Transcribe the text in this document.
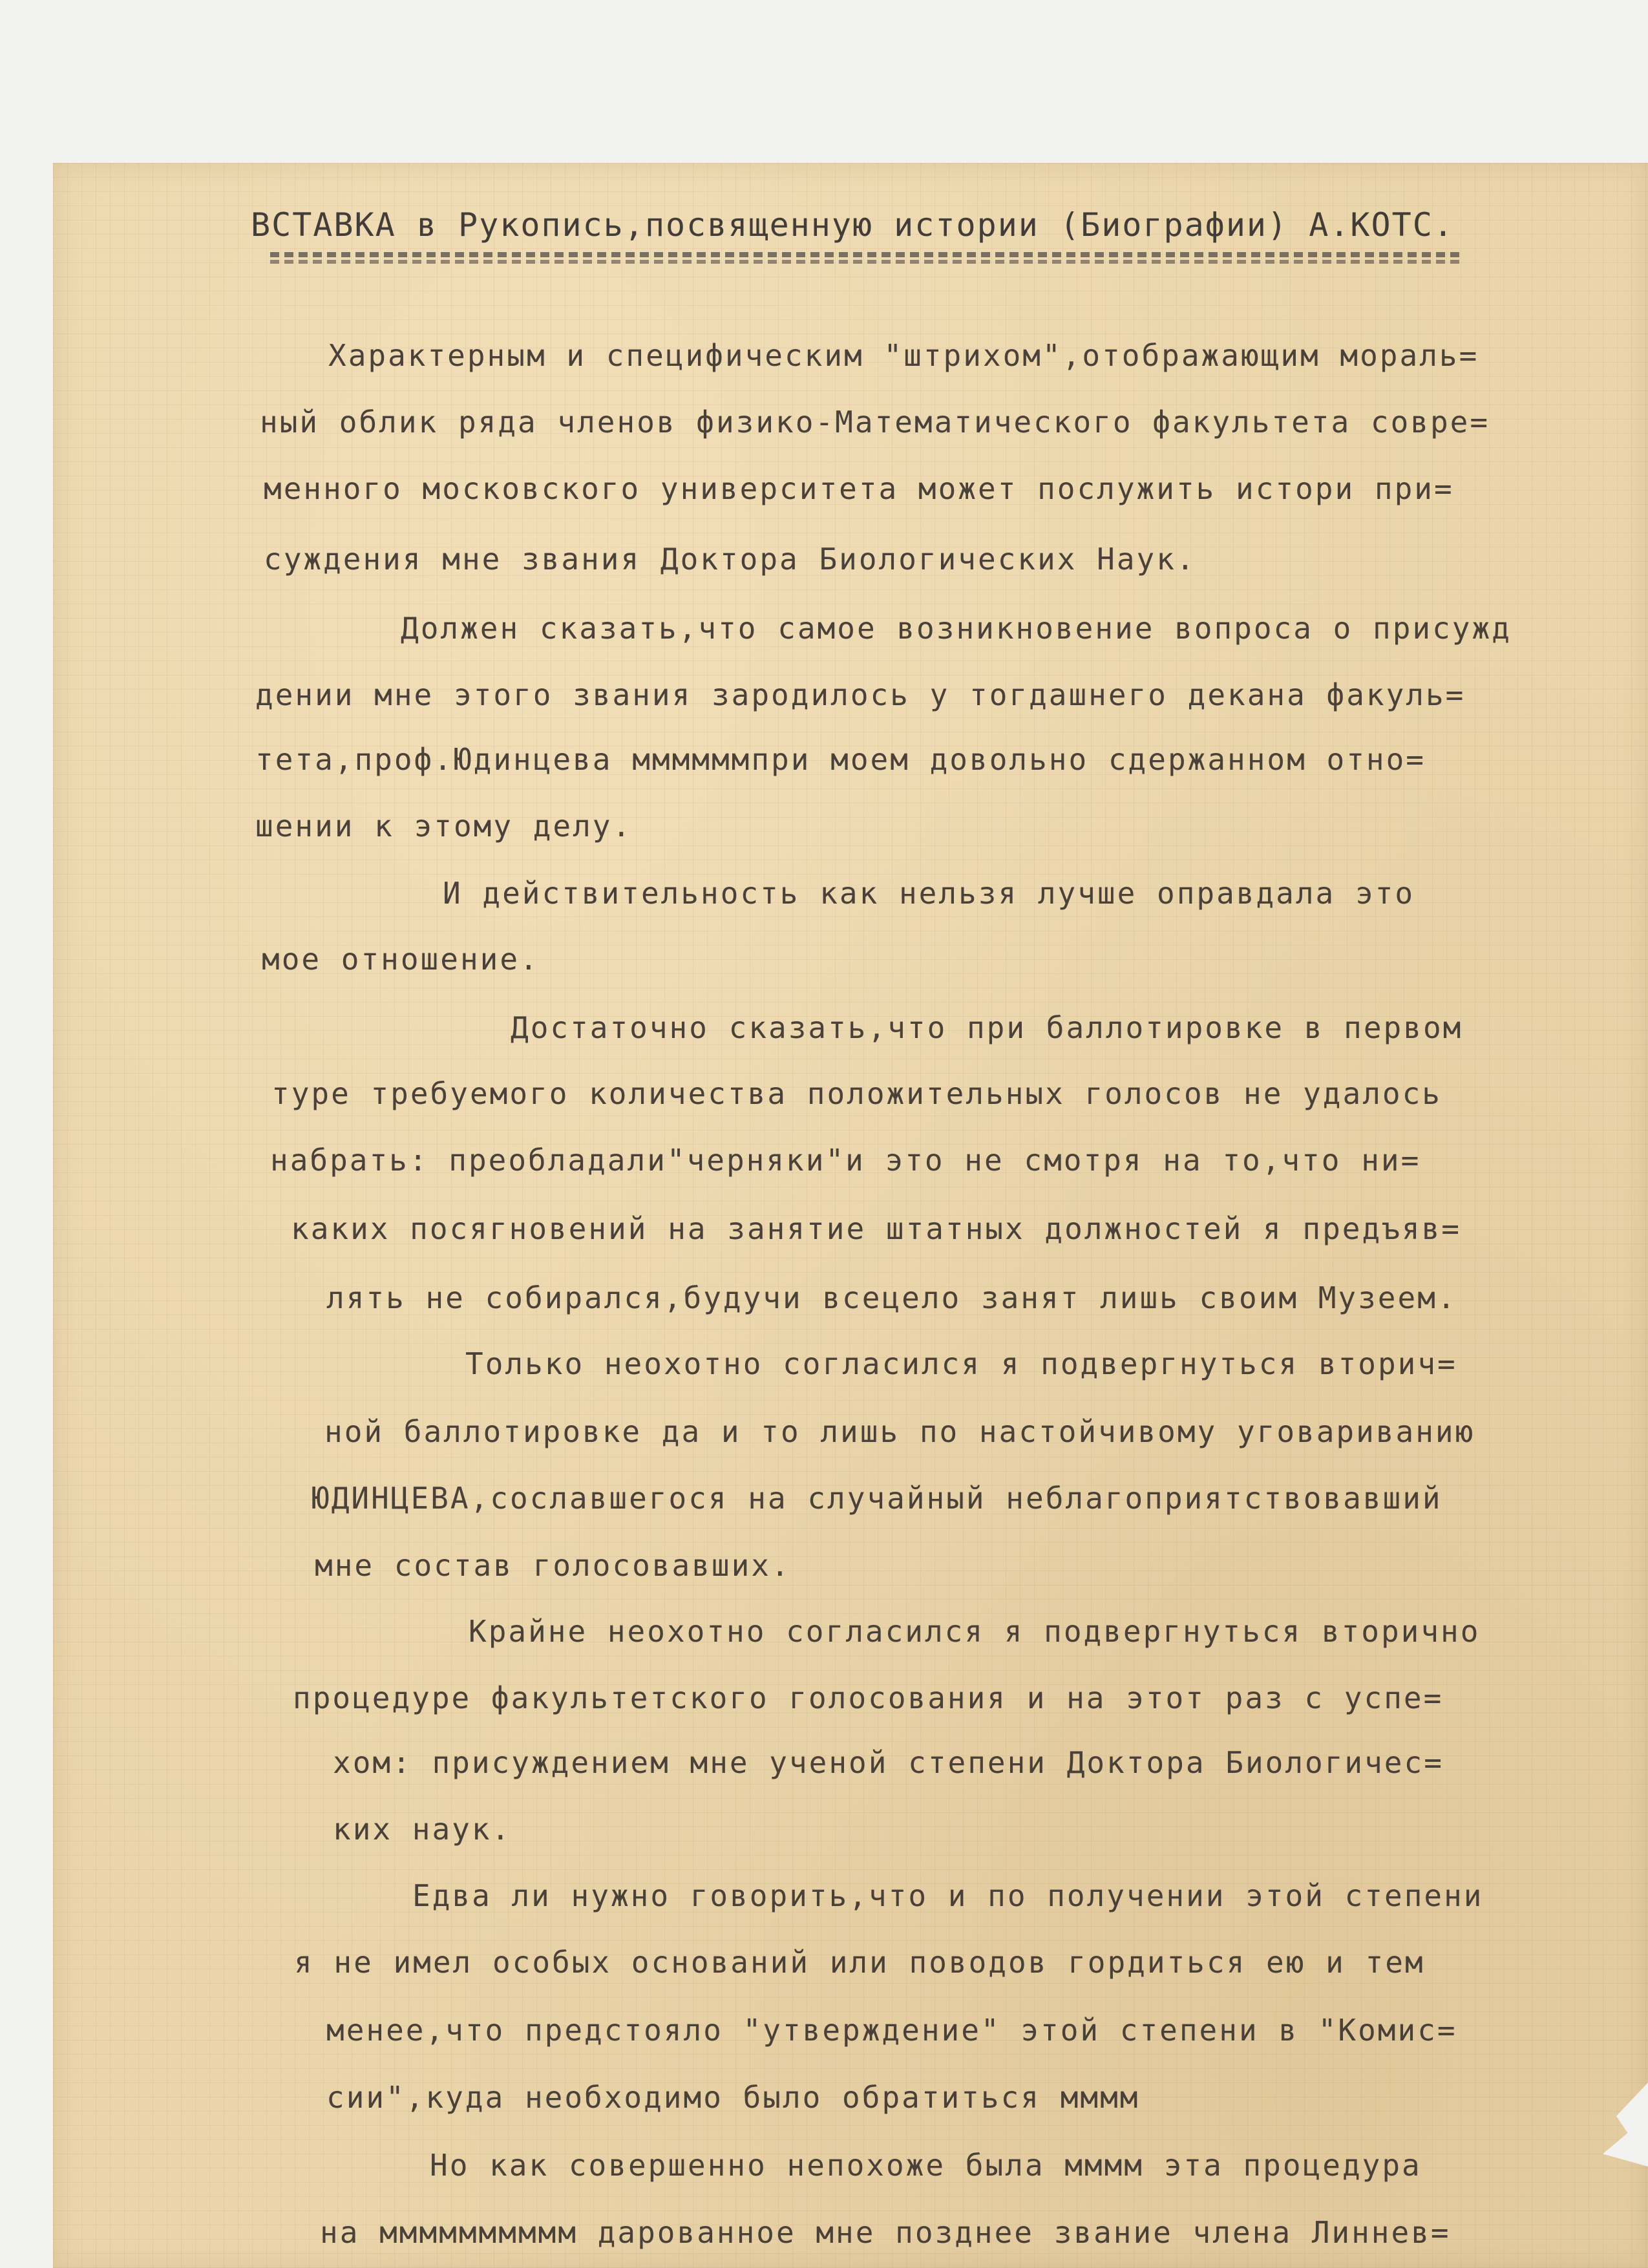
ВСТАВКА в Рукопись,посвященную истории (Биографии) А.КОТС.

Характерным и специфическим "штрихом",отображающим мораль=

ный облик ряда членов физико-Математического факультета совре=

менного московского университета может послужить истори при=

суждения мне звания Доктора Биологических Наук.

Должен сказать,что самое возникновение вопроса о присужд

дении мне этого звания зародилось у тогдашнего декана факуль=

тета,проф.Юдинцева ммммммпри моем довольно сдержанном отно=

шении к этому делу.

И действительность как нельзя лучше оправдала это

мое отношение.

Достаточно сказать,что при баллотировке в первом

туре требуемого количества положительных голосов не удалось

набрать: преобладали"черняки"и это не смотря на то,что ни=

каких посягновений на занятие штатных должностей я предъяв=

лять не собирался,будучи всецело занят лишь своим Музеем.

Только неохотно согласился я подвергнуться вторич=

ной баллотировке да и то лишь по настойчивому уговариванию

ЮДИНЦЕВА,сославшегося на случайный неблагоприятствовавший

мне состав голосовавших.

Крайне неохотно согласился я подвергнуться вторично

процедуре факультетского голосования и на этот раз с успе=

хом: присуждением мне ученой степени Доктора Биологичес=

ких наук.

Едва ли нужно говорить,что и по получении этой степени

я не имел особых оснований или поводов гордиться ею и тем

менее,что предстояло "утверждение" этой степени в "Комис=

сии",куда необходимо было обратиться мммм

Но как совершенно непохоже была мммм эта процедура

на мммммммммм дарованное мне позднее звание члена Линнев=
